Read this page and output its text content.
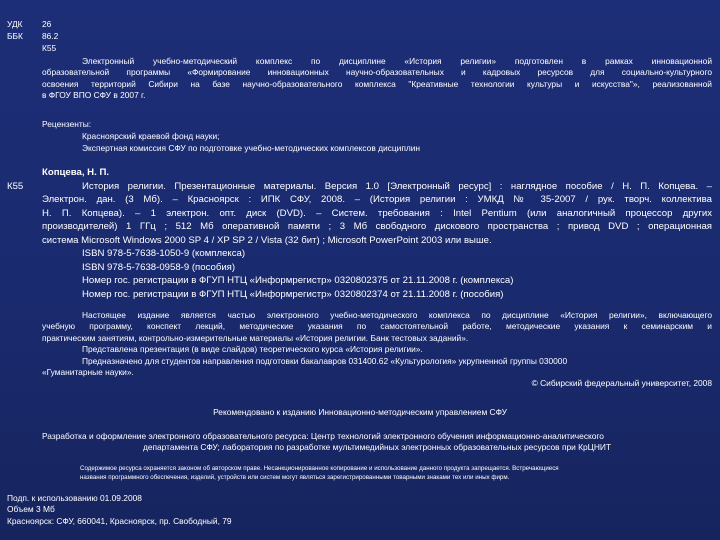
УДК
ББК
26
86.2
К55
Электронный учебно-методический комплекс по дисциплине «История религии» подготовлен в рамках инновационной
образовательной программы «Формирование инновационных научно-образовательных и кадровых ресурсов для социально-культурного
освоения территорий Сибири на базе научно-образовательного комплекса "Креативные технологии культуры и искусства"», реализованной
в ФГОУ ВПО СФУ в 2007 г.
Рецензенты:
Красноярский краевой фонд науки;
Экспертная комиссия СФУ по подготовке учебно-методических комплексов дисциплин
К55
Копцева, Н. П.
История религии. Презентационные материалы. Версия 1.0 [Электронный ресурс] : наглядное пособие / Н. П. Копцева. –
Электрон. дан. (3 Мб). – Красноярск : ИПК СФУ, 2008. – (История религии : УМКД № 35-2007 / рук. творч. коллектива
Н. П. Копцева). – 1 электрон. опт. диск (DVD). – Систем. требования : Intel Pentium (или аналогичный процессор других
производителей) 1 ГГц ; 512 Мб оперативной памяти ; 3 Мб свободного дискового пространства ; привод DVD ; операционная
система Microsoft Windows 2000 SP 4 / XP SP 2 / Vista (32 бит) ; Microsoft PowerPoint 2003 или выше.
ISBN 978-5-7638-1050-9 (комплекса)
ISBN 978-5-7638-0958-9 (пособия)
Номер гос. регистрации в ФГУП НТЦ «Информрегистр» 0320802375 от 21.11.2008 г. (комплекса)
Номер гос. регистрации в ФГУП НТЦ «Информрегистр» 0320802374 от 21.11.2008 г. (пособия)
Настоящее издание является частью электронного учебно-методического комплекса по дисциплине «История религии», включающего
учебную программу, конспект лекций, методические указания по самостоятельной работе, методические указания к семинарским и
практическим занятиям, контрольно-измерительные материалы «История религии. Банк тестовых заданий».
Представлена презентация (в виде слайдов) теоретического курса «История религии».
Предназначено для студентов направления подготовки бакалавров 031400.62 «Культурология» укрупненной группы 030000
«Гуманитарные науки».
© Сибирский федеральный университет, 2008
Рекомендовано к изданию Инновационно-методическим управлением СФУ
Разработка и оформление электронного образовательного ресурса: Центр технологий электронного обучения информационно-аналитического
департамента СФУ; лаборатория по разработке мультимедийных электронных образовательных ресурсов при КрЦНИТ
Содержимое ресурса охраняется законом об авторском праве. Несанкционированное копирование и использование данного продукта запрещается. Встречающиеся
названия программного обеспечения, изделий, устройств или систем могут являться зарегистрированными товарными знаками тех или иных фирм.
Подп. к использованию 01.09.2008
Объем 3 Мб
Красноярск: СФУ, 660041, Красноярск, пр. Свободный, 79
